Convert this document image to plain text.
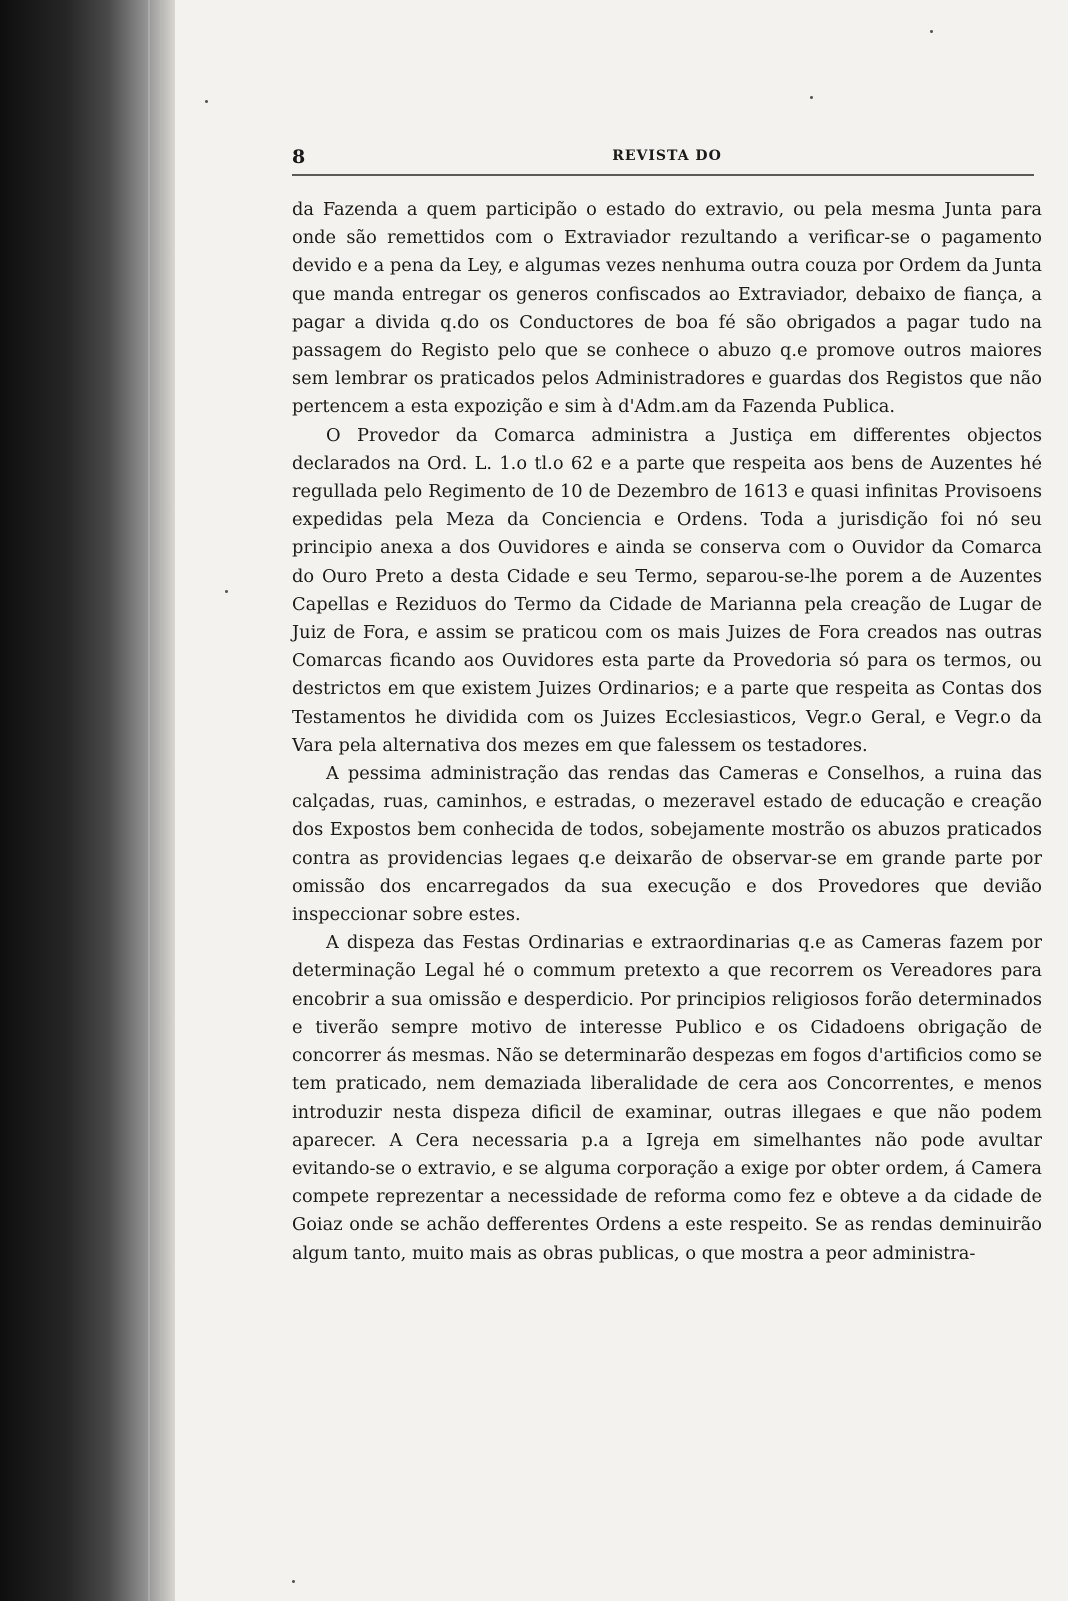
8	REVISTA DO

da Fazenda a quem participão o estado do extravio, ou pela mesma Junta para onde são remettidos com o Extraviador rezultando a verificar-se o pagamento devido e a pena da Ley, e algumas vezes nenhuma outra couza por Ordem da Junta que manda entregar os generos confiscados ao Extraviador, debaixo de fiança, a pagar a divida q.do os Conductores de boa fé são obrigados a pagar tudo na passagem do Registo pelo que se conhece o abuzo q.e promove outros maiores sem lembrar os praticados pelos Administradores e guardas dos Registos que não pertencem a esta expozição e sim à d'Adm.am da Fazenda Publica.

O Provedor da Comarca administra a Justiça em differentes objectos declarados na Ord. L. 1.o tl.o 62 e a parte que respeita aos bens de Auzentes hé regullada pelo Regimento de 10 de Dezembro de 1613 e quasi infinitas Provisoens expedidas pela Meza da Conciencia e Ordens. Toda a jurisdição foi nó seu principio anexa a dos Ouvidores e ainda se conserva com o Ouvidor da Comarca do Ouro Preto a desta Cidade e seu Termo, separou-se-lhe porem a de Auzentes Capellas e Reziduos do Termo da Cidade de Marianna pela creação de Lugar de Juiz de Fora, e assim se praticou com os mais Juizes de Fora creados nas outras Comarcas ficando aos Ouvidores esta parte da Provedoria só para os termos, ou destrictos em que existem Juizes Ordinarios; e a parte que respeita as Contas dos Testamentos he dividida com os Juizes Ecclesiasticos, Vegr.o Geral, e Vegr.o da Vara pela alternativa dos mezes em que falessem os testadores.

A pessima administração das rendas das Cameras e Conselhos, a ruina das calçadas, ruas, caminhos, e estradas, o mezeravel estado de educação e creação dos Expostos bem conhecida de todos, sobejamente mostrão os abuzos praticados contra as providencias legaes q.e deixarão de observar-se em grande parte por omissão dos encarregados da sua execução e dos Provedores que devião inspeccionar sobre estes.

A dispeza das Festas Ordinarias e extraordinarias q.e as Cameras fazem por determinação Legal hé o commum pretexto a que recorrem os Vereadores para encobrir a sua omissão e desperdicio. Por principios religiosos forão determinados e tiverão sempre motivo de interesse Publico e os Cidadoens obrigação de concorrer ás mesmas. Não se determinarão despezas em fogos d'artificios como se tem praticado, nem demaziada liberalidade de cera aos Concorrentes, e menos introduzir nesta dispeza dificil de examinar, outras illegaes e que não podem aparecer. A Cera necessaria p.a a Igreja em simelhantes não pode avultar evitando-se o extravio, e se alguma corporação a exige por obter ordem, á Camera compete reprezentar a necessidade de reforma como fez e obteve a da cidade de Goiaz onde se achão defferentes Ordens a este respeito. Se as rendas deminuirão algum tanto, muito mais as obras publicas, o que mostra a peor administra-
